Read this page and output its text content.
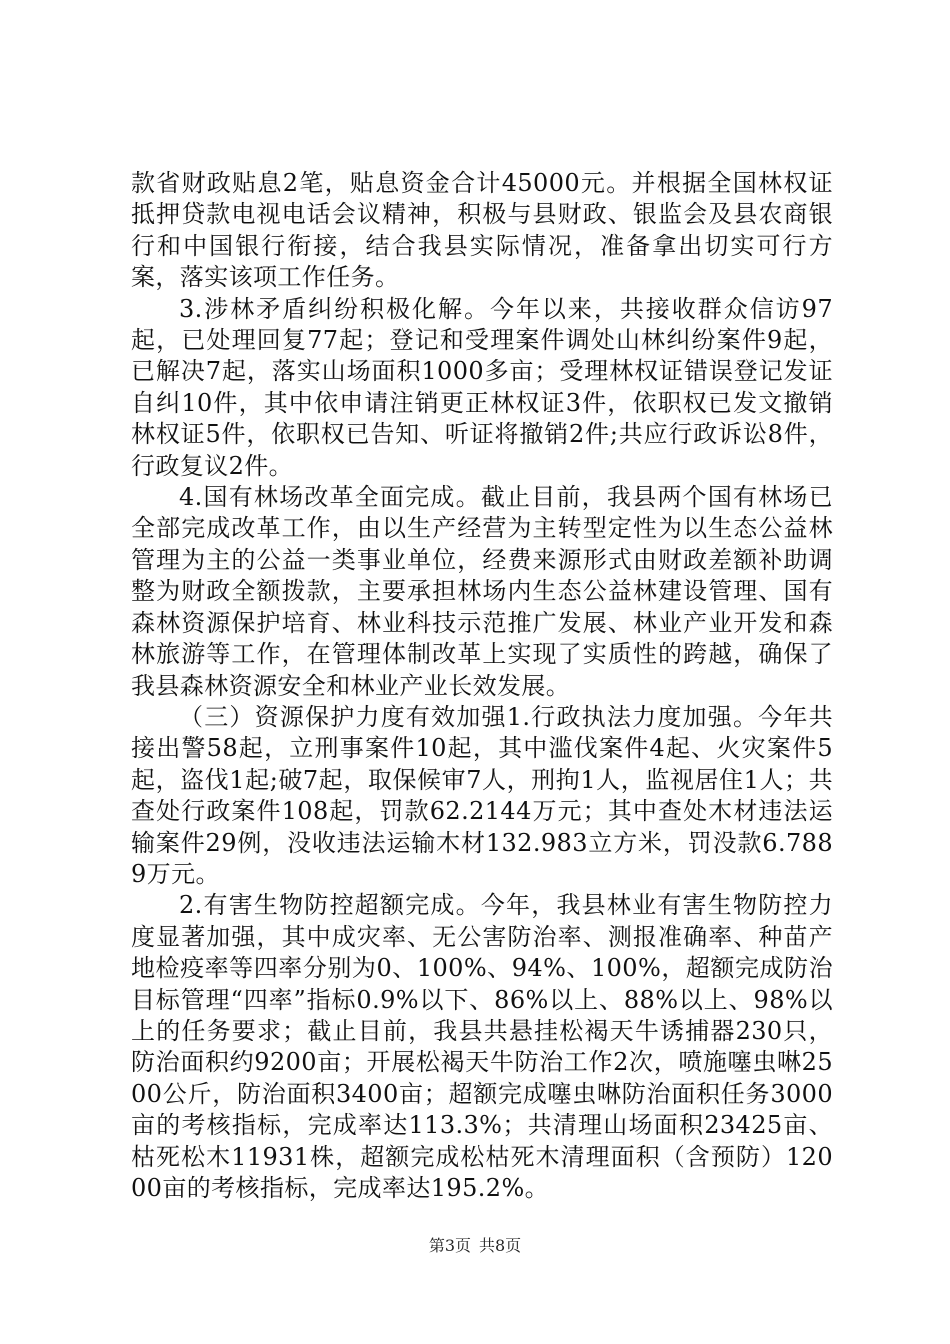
款省财政贴息2笔，贴息资金合计45000元。并根据全国林权证抵押贷款电视电话会议精神，积极与县财政、银监会及县农商银行和中国银行衔接，结合我县实际情况，准备拿出切实可行方案，落实该项工作任务。

3.涉林矛盾纠纷积极化解。今年以来，共接收群众信访97起，已处理回复77起；登记和受理案件调处山林纠纷案件9起，已解决7起，落实山场面积1000多亩；受理林权证错误登记发证自纠10件，其中依申请注销更正林权证3件，依职权已发文撤销林权证5件，依职权已告知、听证将撤销2件;共应行政诉讼8件，行政复议2件。

4.国有林场改革全面完成。截止目前，我县两个国有林场已全部完成改革工作，由以生产经营为主转型定性为以生态公益林管理为主的公益一类事业单位，经费来源形式由财政差额补助调整为财政全额拨款，主要承担林场内生态公益林建设管理、国有森林资源保护培育、林业科技示范推广发展、林业产业开发和森林旅游等工作，在管理体制改革上实现了实质性的跨越，确保了我县森林资源安全和林业产业长效发展。

（三）资源保护力度有效加强1.行政执法力度加强。今年共接出警58起，立刑事案件10起，其中滥伐案件4起、火灾案件5起，盗伐1起;破7起，取保候审7人，刑拘1人，监视居住1人；共查处行政案件108起，罚款62.2144万元；其中查处木材违法运输案件29例，没收违法运输木材132.983立方米，罚没款6.7889万元。

2.有害生物防控超额完成。今年，我县林业有害生物防控力度显著加强，其中成灾率、无公害防治率、测报准确率、种苗产地检疫率等四率分别为0、100%、94%、100%，超额完成防治目标管理“四率”指标0.9%以下、86%以上、88%以上、98%以上的任务要求；截止目前，我县共悬挂松褐天牛诱捕器230只，防治面积约9200亩；开展松褐天牛防治工作2次，喷施噻虫啉2500公斤，防治面积3400亩；超额完成噻虫啉防治面积任务3000亩的考核指标，完成率达113.3%；共清理山场面积23425亩、枯死松木11931株，超额完成松枯死木清理面积（含预防）12000亩的考核指标，完成率达195.2%。

第3页 共8页
